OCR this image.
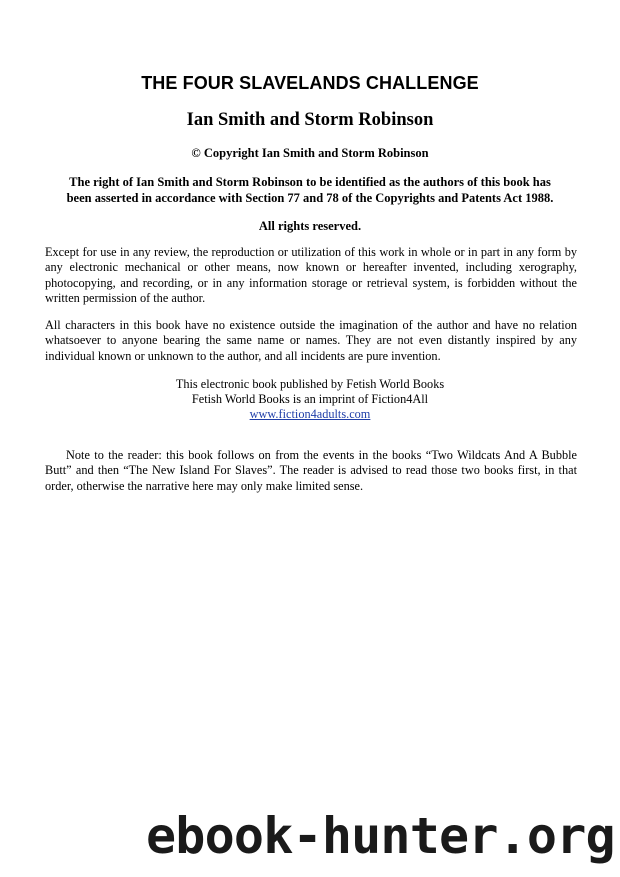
THE FOUR SLAVELANDS CHALLENGE
Ian Smith and Storm Robinson
© Copyright Ian Smith and Storm Robinson
The right of Ian Smith and Storm Robinson to be identified as the authors of this book has been asserted in accordance with Section 77 and 78 of the Copyrights and Patents Act 1988.
All rights reserved.
Except for use in any review, the reproduction or utilization of this work in whole or in part in any form by any electronic mechanical or other means, now known or hereafter invented, including xerography, photocopying, and recording, or in any information storage or retrieval system, is forbidden without the written permission of the author.
All characters in this book have no existence outside the imagination of the author and have no relation whatsoever to anyone bearing the same name or names. They are not even distantly inspired by any individual known or unknown to the author, and all incidents are pure invention.
This electronic book published by Fetish World Books
Fetish World Books is an imprint of Fiction4All
www.fiction4adults.com
Note to the reader: this book follows on from the events in the books “Two Wildcats And A Bubble Butt” and then “The New Island For Slaves”. The reader is advised to read those two books first, in that order, otherwise the narrative here may only make limited sense.
ebook-hunter.org
